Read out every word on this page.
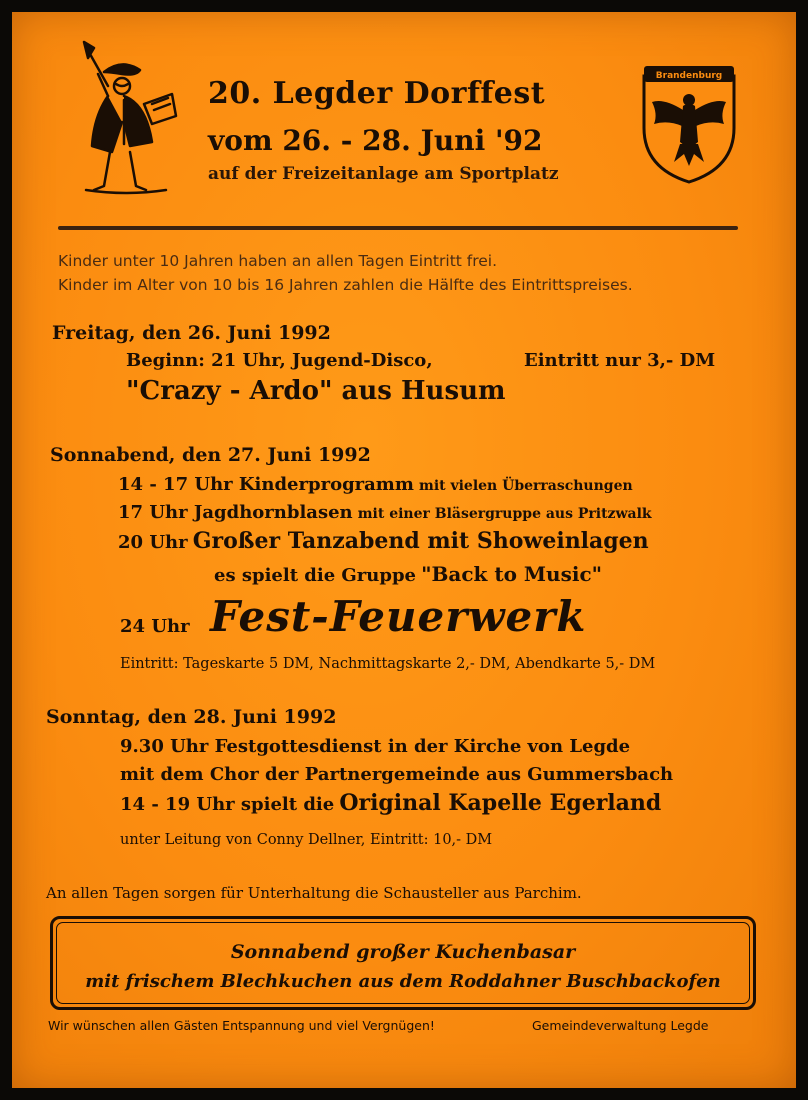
20. Legder Dorffest
vom 26. - 28. Juni '92
auf der Freizeitanlage am Sportplatz
Brandenburg
Kinder unter 10 Jahren haben an allen Tagen Eintritt frei.
Kinder im Alter von 10 bis 16 Jahren zahlen die Hälfte des Eintrittspreises.
Freitag, den 26. Juni 1992
Beginn: 21 Uhr, Jugend-Disco,	Eintritt nur 3,- DM
"Crazy - Ardo" aus Husum
Sonnabend, den 27. Juni 1992
14 - 17 Uhr Kinderprogramm mit vielen Überraschungen
17 Uhr Jagdhornblasen mit einer Bläsergruppe aus Pritzwalk
20 Uhr Großer Tanzabend mit Showeinlagen
es spielt die Gruppe "Back to Music"
24 Uhr Fest-Feuerwerk
Eintritt: Tageskarte 5 DM, Nachmittagskarte 2,- DM, Abendkarte 5,- DM
Sonntag, den 28. Juni 1992
9.30 Uhr Festgottesdienst in der Kirche von Legde
mit dem Chor der Partnergemeinde aus Gummersbach
14 - 19 Uhr spielt die Original Kapelle Egerland
unter Leitung von Conny Dellner, Eintritt: 10,- DM
An allen Tagen sorgen für Unterhaltung die Schausteller aus Parchim.
Sonnabend großer Kuchenbasar
mit frischem Blechkuchen aus dem Roddahner Buschbackofen
Wir wünschen allen Gästen Entspannung und viel Vergnügen!	Gemeindeverwaltung Legde
